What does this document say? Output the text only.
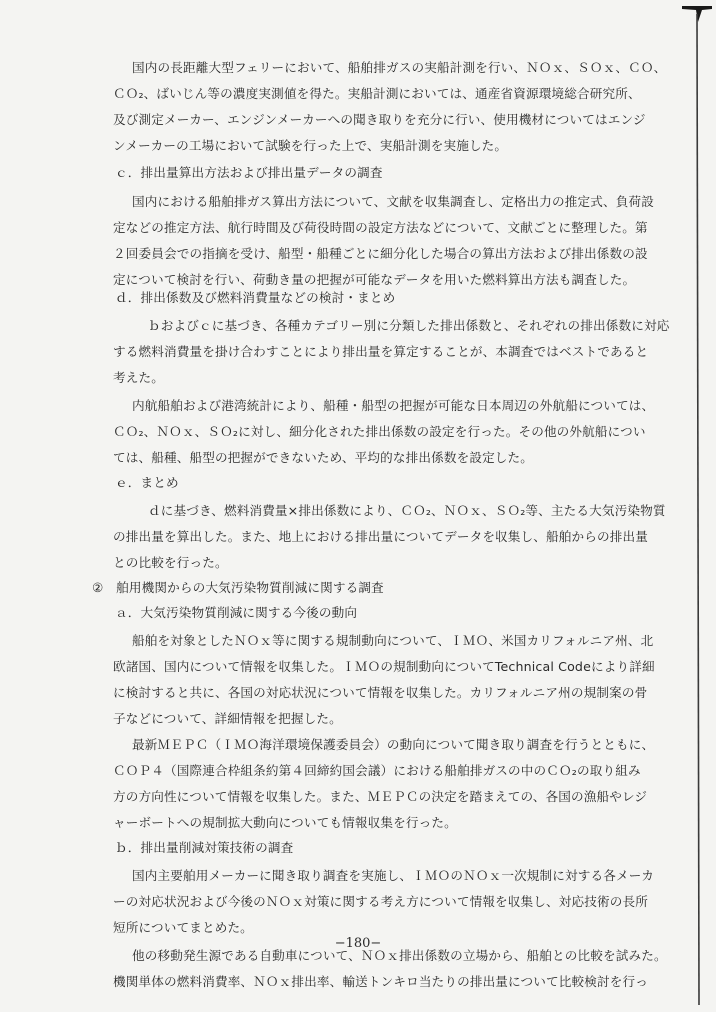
国内の長距離大型フェリーにおいて、船舶排ガスの実船計測を行い、ＮＯｘ、ＳＯｘ、ＣＯ、
ＣＯ₂、ばいじん等の濃度実測値を得た。実船計測においては、通産省資源環境総合研究所、
及び測定メーカー、エンジンメーカーへの聞き取りを充分に行い、使用機材についてはエンジ
ンメーカーの工場において試験を行った上で、実船計測を実施した。
ｃ．排出量算出方法および排出量データの調査
国内における船舶排ガス算出方法について、文献を収集調査し、定格出力の推定式、負荷設
定などの推定方法、航行時間及び荷役時間の設定方法などについて、文献ごとに整理した。第
２回委員会での指摘を受け、船型・船種ごとに細分化した場合の算出方法および排出係数の設
定について検討を行い、荷動き量の把握が可能なデータを用いた燃料算出方法も調査した。
ｄ．排出係数及び燃料消費量などの検討・まとめ
ｂおよびｃに基づき、各種カテゴリー別に分類した排出係数と、それぞれの排出係数に対応
する燃料消費量を掛け合わすことにより排出量を算定することが、本調査ではベストであると
考えた。
内航船舶および港湾統計により、船種・船型の把握が可能な日本周辺の外航船については、
ＣＯ₂、ＮＯｘ、ＳＯ₂に対し、細分化された排出係数の設定を行った。その他の外航船につい
ては、船種、船型の把握ができないため、平均的な排出係数を設定した。
ｅ．まとめ
ｄに基づき、燃料消費量×排出係数により、ＣＯ₂、ＮＯｘ、ＳＯ₂等、主たる大気汚染物質
の排出量を算出した。また、地上における排出量についてデータを収集し、船舶からの排出量
との比較を行った。
②　舶用機関からの大気汚染物質削減に関する調査
ａ．大気汚染物質削減に関する今後の動向
船舶を対象としたＮＯｘ等に関する規制動向について、ＩＭＯ、米国カリフォルニア州、北
欧諸国、国内について情報を収集した。ＩＭＯの規制動向についてTechnical Codeにより詳細
に検討すると共に、各国の対応状況について情報を収集した。カリフォルニア州の規制案の骨
子などについて、詳細情報を把握した。
最新ＭＥＰＣ（ＩＭＯ海洋環境保護委員会）の動向について聞き取り調査を行うとともに、
ＣＯＰ４（国際連合枠組条約第４回締約国会議）における船舶排ガスの中のＣＯ₂の取り組み
方の方向性について情報を収集した。また、ＭＥＰＣの決定を踏まえての、各国の漁船やレジ
ャーボートへの規制拡大動向についても情報収集を行った。
ｂ．排出量削減対策技術の調査
国内主要舶用メーカーに聞き取り調査を実施し、ＩＭＯのＮＯｘ一次規制に対する各メーカ
ーの対応状況および今後のＮＯｘ対策に関する考え方について情報を収集し、対応技術の長所
短所についてまとめた。
他の移動発生源である自動車について、ＮＯｘ排出係数の立場から、船舶との比較を試みた。
機関単体の燃料消費率、ＮＯｘ排出率、輸送トンキロ当たりの排出量について比較検討を行っ
−180−
